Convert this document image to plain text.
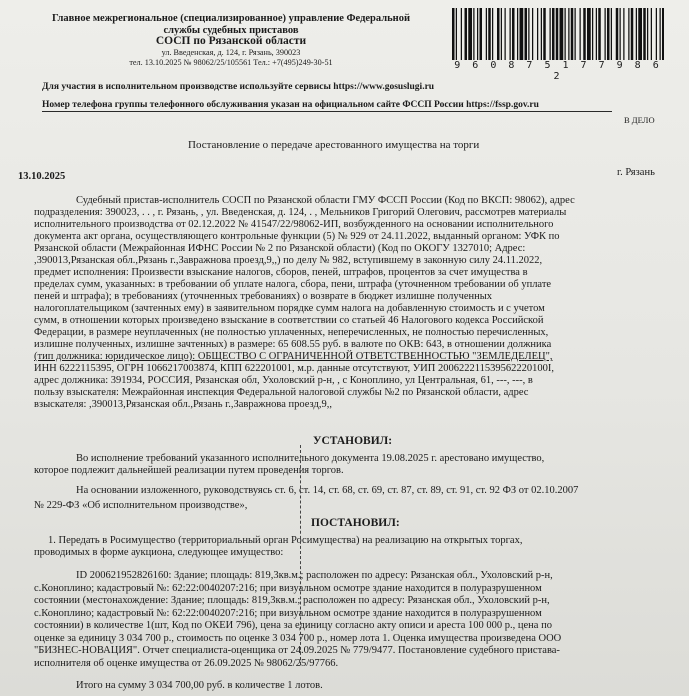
Главное межрегиональное (специализированное) управление Федеральной
службы судебных приставов
СОСП по Рязанской области
ул. Введенская, д. 124, г. Рязань, 390023
тел. 13.10.2025 № 98062/25/105561 Тел.: +7(495)249-30-51	9 6 0 8 7 5 1 7 7 9 8 6 2
Для участия в исполнительном производстве используйте сервисы https://www.gosuslugi.ru
Номер телефона группы телефонного обслуживания указан на официальном сайте ФССП России https://fssp.gov.ru
В ДЕЛО
Постановление о передаче арестованного имущества на торги
13.10.2025	г. Рязань
Судебный пристав-исполнитель СОСП по Рязанской области ГМУ ФССП России (Код по ВКСП: 98062), адрес
подразделения: 390023, . . , г. Рязань, , ул. Введенская, д. 124, . , Мельников Григорий Олегович, рассмотрев материалы
исполнительного производства от 02.12.2022 № 41547/22/98062-ИП, возбужденного на основании исполнительного
документа акт органа, осуществляющего контрольные функции (5) № 929 от 24.11.2022, выданный органом: УФК по
Рязанской области (Межрайонная ИФНС России № 2 по Рязанской области) (Код по ОКОГУ 1327010; Адрес:
,390013,Рязанская обл.,Рязань г.,Завражнова проезд,9,,) по делу № 982, вступившему в законную силу 24.11.2022,
предмет исполнения: Произвести взыскание налогов, сборов, пеней, штрафов, процентов за счет имущества в
пределах сумм, указанных: в требовании об уплате налога, сбора, пени, штрафа (уточненном требовании об уплате
пеней и штрафа); в требованиях (уточненных требованиях) о возврате в бюджет излишне полученных
налогоплательщиком (зачтенных ему) в заявительном порядке сумм налога на добавленную стоимость и с учетом
сумм, в отношении которых произведено взыскание в соответствии со статьей 46 Налогового кодекса Российской
Федерации, в размере неуплаченных (не полностью уплаченных, неперечисленных, не полностью перечисленных,
излишне полученных, излишне зачтенных) в размере: 65 608.55 руб. в валюте по ОКВ: 643, в отношении должника
(тип должника: юридическое лицо): ОБЩЕСТВО С ОГРАНИЧЕННОЙ ОТВЕТСТВЕННОСТЬЮ "ЗЕМЛЕДЕЛЕЦ",
ИНН 6222115395, ОГРН 1066217003874, КПП 622201001, м.р. данные отсутствуют, УИП 200622211539562220100I,
адрес должника: 391934, РОССИЯ, Рязанская обл, Ухоловский р-н, , с Коноплино, ул Центральная, 61, ---, ---, в
пользу взыскателя: Межрайонная инспекция Федеральной налоговой службы №2 по Рязанской области, адрес
взыскателя: ,390013,Рязанская обл.,Рязань г.,Завражнова проезд,9,,
УСТАНОВИЛ:
Во исполнение требований указанного исполнительного документа 19.08.2025 г. арестовано имущество,
которое подлежит дальнейшей реализации путем проведения торгов.
На основании изложенного, руководствуясь ст. 6, ст. 14, ст. 68, ст. 69, ст. 87, ст. 89, ст. 91, ст. 92 ФЗ от 02.10.2007
№ 229-ФЗ «Об исполнительном производстве»,
ПОСТАНОВИЛ:
1. Передать в Росимущество (территориальный орган Росимущества) на реализацию на открытых торгах,
проводимых в форме аукциона, следующее имущество:
ID 200621952826160: Здание; площадь: 819,3кв.м.; расположен по адресу: Рязанская обл., Ухоловский р-н,
с.Коноплино; кадастровый №: 62:22:0040207:216; при визуальном осмотре здание находится в полуразрушенном
состоянии (местонахождение: Здание; площадь: 819,3кв.м.; расположен по адресу: Рязанская обл., Ухоловский р-н,
с.Коноплино; кадастровый №: 62:22:0040207:216; при визуальном осмотре здание находится в полуразрушенном
состоянии) в количестве 1(шт, Код по ОКЕИ 796), цена за единицу согласно акту описи и ареста 100 000 р., цена по
оценке за единицу 3 034 700 р., стоимость по оценке 3 034 700 р., номер лота 1. Оценка имущества произведена ООО
"БИЗНЕС-НОВАЦИЯ". Отчет специалиста-оценщика от 24.09.2025 № 779/9477. Постановление судебного пристава-
исполнителя об оценке имущества от 26.09.2025 № 98062/25/97766.
Итого на сумму 3 034 700,00 руб. в количестве 1 лотов.
